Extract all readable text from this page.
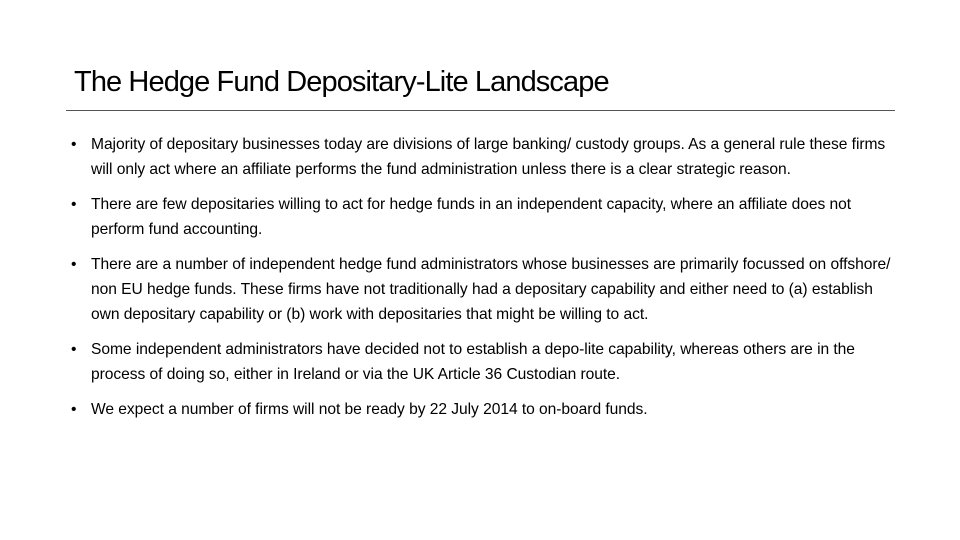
The Hedge Fund Depositary-Lite Landscape
• Majority of depositary businesses today are divisions of large banking/ custody groups. As a general rule these firms will only act where an affiliate performs the fund administration unless there is a clear strategic reason.
• There are few depositaries willing to act for hedge funds in an independent capacity, where an affiliate does not perform fund accounting.
• There are a number of independent hedge fund administrators whose businesses are primarily focussed on offshore/ non EU hedge funds. These firms have not traditionally had a depositary capability and either need to (a) establish own depositary capability or (b) work with depositaries that might be willing to act.
• Some independent administrators have decided not to establish a depo-lite capability, whereas others are in the process of doing so, either in Ireland or via the UK Article 36 Custodian route.
• We expect a number of firms will not be ready by 22 July 2014 to on-board funds.
